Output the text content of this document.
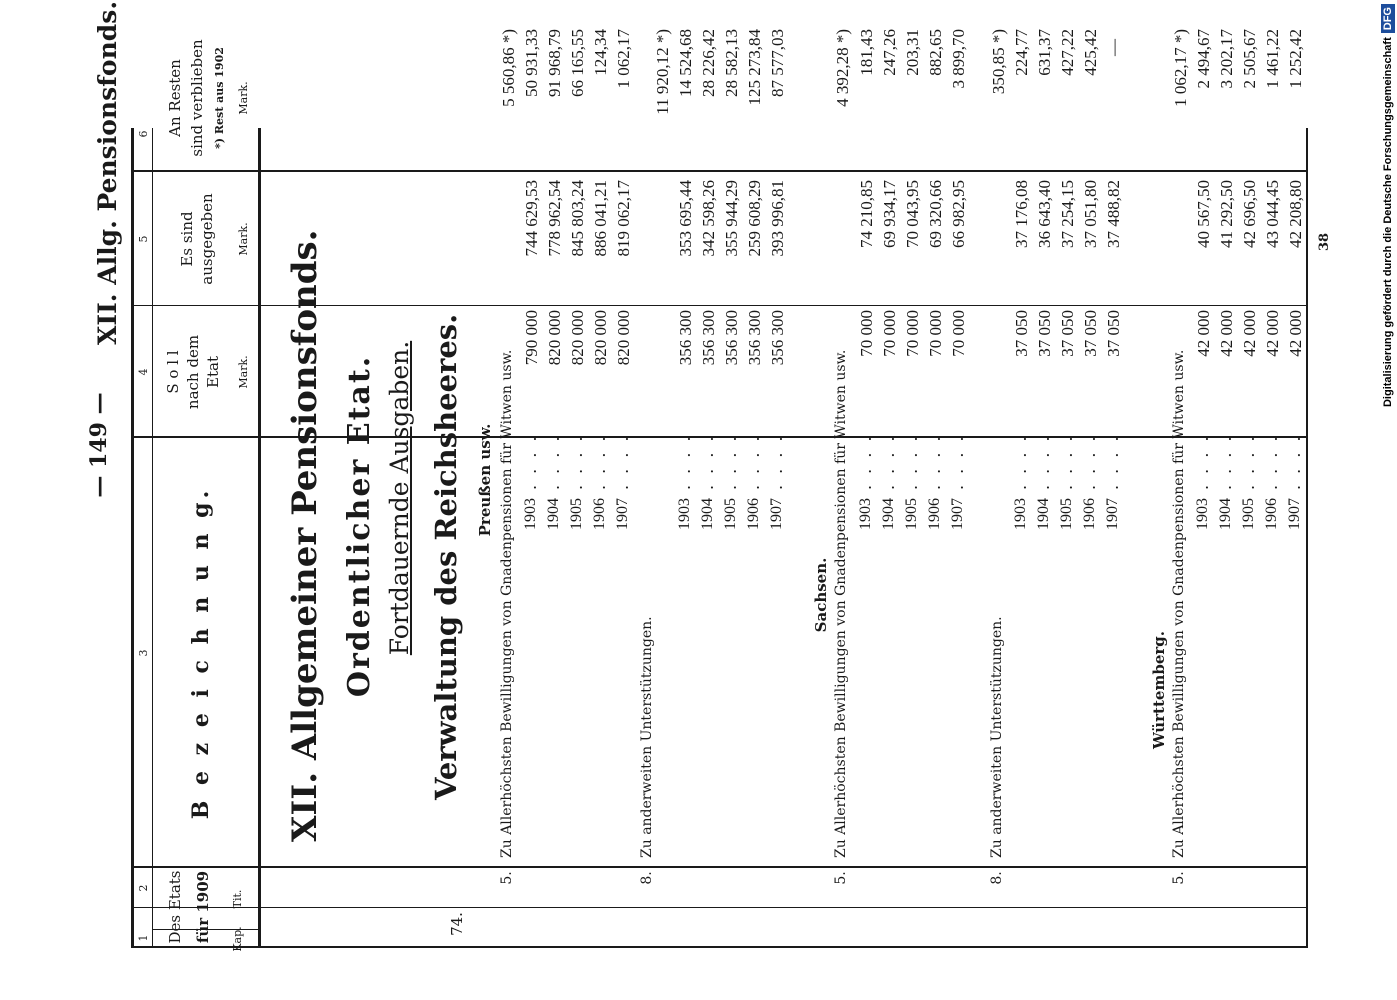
— 149 —
XII. Allg. Pensionsfonds.
1
2
3
4
5
6
Des Etats für 1909 Kap.
Tit.
B e z e i c h n u n g.
S o l l nach dem Etat Mark.
Es sind ausgegeben Mark.
An Resten sind verblieben *) Rest aus 1902 Mark.
XII. Allgemeiner Pensionsfonds. Ordentlicher Etat. Fortdauernde Ausgaben. Verwaltung des Reichsheeres.
74.
Preußen usw.
5.
Zu Allerhöchsten Bewilligungen von Gnadenpensionen für Witwen usw. 1903
. . . .
790 000
744 629,53
5 560,86 *)
1904
. . . .
820 000
778 962,54
50 931,33
1905
. . . .
820 000
845 803,24
91 968,79
1906
. . . .
820 000
886 041,21
66 165,55
1907
. . . .
820 000
819 062,17
124,34 1 062,17
8.
Zu anderweiten Unterstützungen.
11 920,12 *)
1903
. . . .
356 300
353 695,44
14 524,68
1904
. . . .
356 300
342 598,26
28 226,42
1905
. . . .
356 300
355 944,29
28 582,13
1906
. . . .
356 300
259 608,29
125 273,84
1907
. . . .
356 300
393 996,81
87 577,03
Sachsen.
5.
Zu Allerhöchsten Bewilligungen von Gnadenpensionen für Witwen usw.
4 392,28 *)
1903
. . . .
70 000
74 210,85
181,43
1904
. . . .
70 000
69 934,17
247,26
1905
. . . .
70 000
70 043,95
203,31
1906
. . . .
70 000
69 320,66
882,65
1907
. . . .
70 000
66 982,95
3 899,70
8.
Zu anderweiten Unterstützungen.
350,85 *)
1903
. . . .
37 050
37 176,08
224,77
1904
. . . .
37 050
36 643,40
631,37
1905
. . . .
37 050
37 254,15
427,22
1906
. . . .
37 050
37 051,80
425,42
1907
. . . .
37 050
37 488,82
—
Württemberg.
5.
Zu Allerhöchsten Bewilligungen von Gnadenpensionen für Witwen usw.
1 062,17 *)
1903
. . . .
42 000
40 567,50
2 494,67
1904
. . . .
42 000
41 292,50
3 202,17
1905
. . . .
42 000
42 696,50
2 505,67
1906
. . . .
42 000
43 044,45
1 461,22
1907
. . . .
42 000
42 208,80
1 252,42
38	Digitalisierung gefördert durch die Deutsche ForschungsgemeinschaftDFG
